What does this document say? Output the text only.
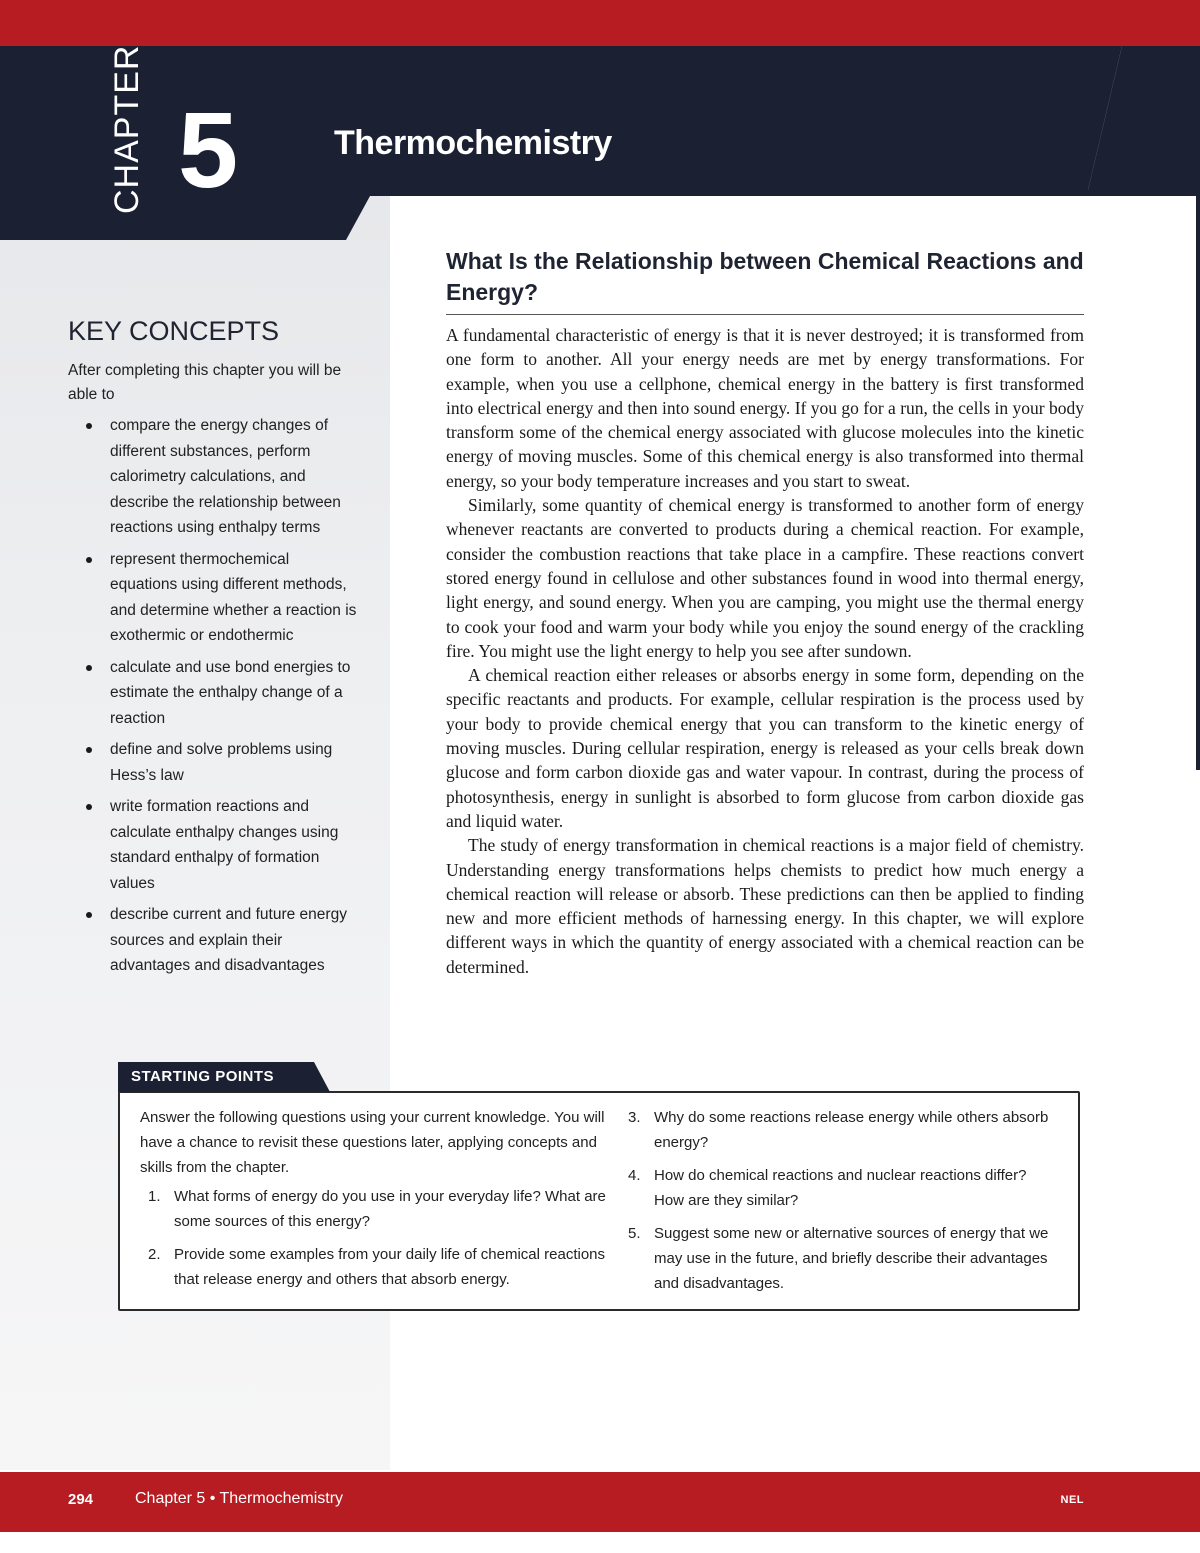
CHAPTER 5	Thermochemistry
KEY CONCEPTS

After completing this chapter you will be able to

compare the energy changes of different substances, perform calorimetry calculations, and describe the relationship between reactions using enthalpy terms
represent thermochemical equations using different methods, and determine whether a reaction is exothermic or endothermic
calculate and use bond energies to estimate the enthalpy change of a reaction
define and solve problems using Hess’s law
write formation reactions and calculate enthalpy changes using standard enthalpy of formation values
describe current and future energy sources and explain their advantages and disadvantages
What Is the Relationship between Chemical Reactions and Energy?

A fundamental characteristic of energy is that it is never destroyed; it is transformed from one form to another. All your energy needs are met by energy transformations. For example, when you use a cellphone, chemical energy in the battery is first transformed into electrical energy and then into sound energy. If you go for a run, the cells in your body transform some of the chemical energy associated with glucose molecules into the kinetic energy of moving muscles. Some of this chemical energy is also transformed into thermal energy, so your body temperature increases and you start to sweat.

Similarly, some quantity of chemical energy is transformed to another form of energy whenever reactants are converted to products during a chemical reaction. For example, consider the combustion reactions that take place in a campfire. These reactions convert stored energy found in cellulose and other substances found in wood into thermal energy, light energy, and sound energy. When you are camping, you might use the thermal energy to cook your food and warm your body while you enjoy the sound energy of the crackling fire. You might use the light energy to help you see after sundown.

A chemical reaction either releases or absorbs energy in some form, depending on the specific reactants and products. For example, cellular respiration is the process used by your body to provide chemical energy that you can transform to the kinetic energy of moving muscles. During cellular respiration, energy is released as your cells break down glucose and form carbon dioxide gas and water vapour. In contrast, during the process of photosynthesis, energy in sunlight is absorbed to form glucose from carbon dioxide gas and liquid water.

The study of energy transformation in chemical reactions is a major field of chemistry. Understanding energy transformations helps chemists to predict how much energy a chemical reaction will release or absorb. These predictions can then be applied to finding new and more efficient methods of harnessing energy. In this chapter, we will explore different ways in which the quantity of energy associated with a chemical reaction can be determined.

STARTING POINTS

Answer the following questions using your current knowledge. You will have a chance to revisit these questions later, applying concepts and skills from the chapter.

1. What forms of energy do you use in your everyday life? What are some sources of this energy?
2. Provide some examples from your daily life of chemical reactions that release energy and others that absorb energy.
3. Why do some reactions release energy while others absorb energy?
4. How do chemical reactions and nuclear reactions differ? How are they similar?
5. Suggest some new or alternative sources of energy that we may use in the future, and briefly describe their advantages and disadvantages.
294	Chapter 5 • Thermochemistry	NEL
